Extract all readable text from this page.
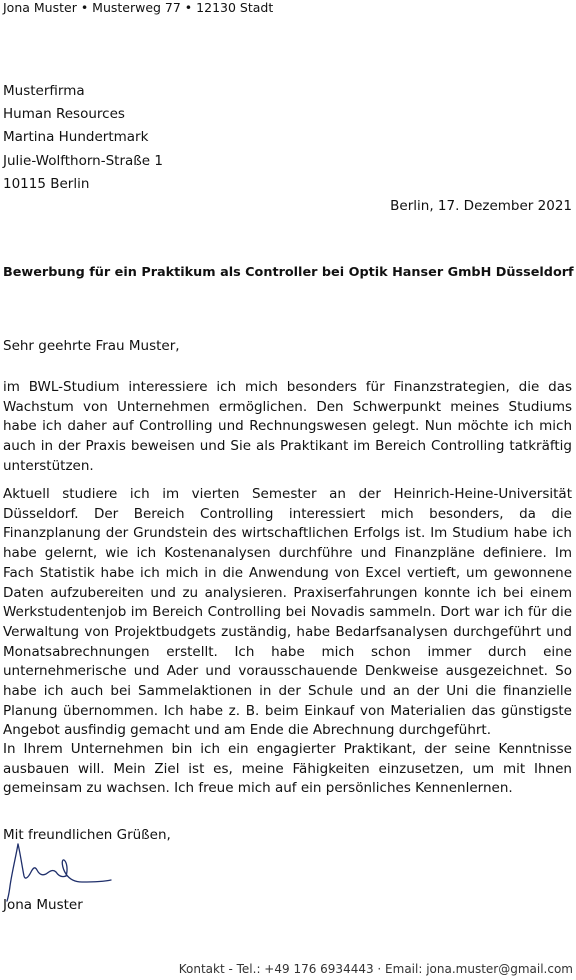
Jona Muster • Musterweg 77 • 12130 Stadt
Musterfirma
Human Resources
Martina Hundertmark
Julie-Wolfthorn-Straße 1
10115 Berlin
Berlin, 17. Dezember 2021
Bewerbung für ein Praktikum als Controller bei Optik Hanser GmbH Düsseldorf
Sehr geehrte Frau Muster,

im BWL-Studium interessiere ich mich besonders für Finanzstrategien, die das Wachstum von Unternehmen ermöglichen. Den Schwerpunkt meines Studiums habe ich daher auf Controlling und Rechnungswesen gelegt. Nun möchte ich mich auch in der Praxis beweisen und Sie als Praktikant im Bereich Controlling tatkräftig unterstützen.

Aktuell studiere ich im vierten Semester an der Heinrich-Heine-Universität Düsseldorf. Der Bereich Controlling interessiert mich besonders, da die Finanzplanung der Grundstein des wirtschaftlichen Erfolgs ist. Im Studium habe ich habe gelernt, wie ich Kostenanalysen durchführe und Finanzpläne definiere. Im Fach Statistik habe ich mich in die Anwendung von Excel vertieft, um gewonnene Daten aufzubereiten und zu analysieren. Praxiserfahrungen konnte ich bei einem Werkstudentenjob im Bereich Controlling bei Novadis sammeln. Dort war ich für die Verwaltung von Projektbudgets zuständig, habe Bedarfsanalysen durchgeführt und Monatsabrechnungen erstellt. Ich habe mich schon immer durch eine unternehmerische und Ader und vorausschauende Denkweise ausgezeichnet. So habe ich auch bei Sammelaktionen in der Schule und an der Uni die finanzielle Planung übernommen. Ich habe z. B. beim Einkauf von Materialien das günstigste Angebot ausfindig gemacht und am Ende die Abrechnung durchgeführt.

In Ihrem Unternehmen bin ich ein engagierter Praktikant, der seine Kenntnisse ausbauen will. Mein Ziel ist es, meine Fähigkeiten einzusetzen, um mit Ihnen gemeinsam zu wachsen. Ich freue mich auf ein persönliches Kennenlernen.

Mit freundlichen Grüßen,
Jona Muster
Kontakt - Tel.: +49 176 6934443 · Email: jona.muster@gmail.com
